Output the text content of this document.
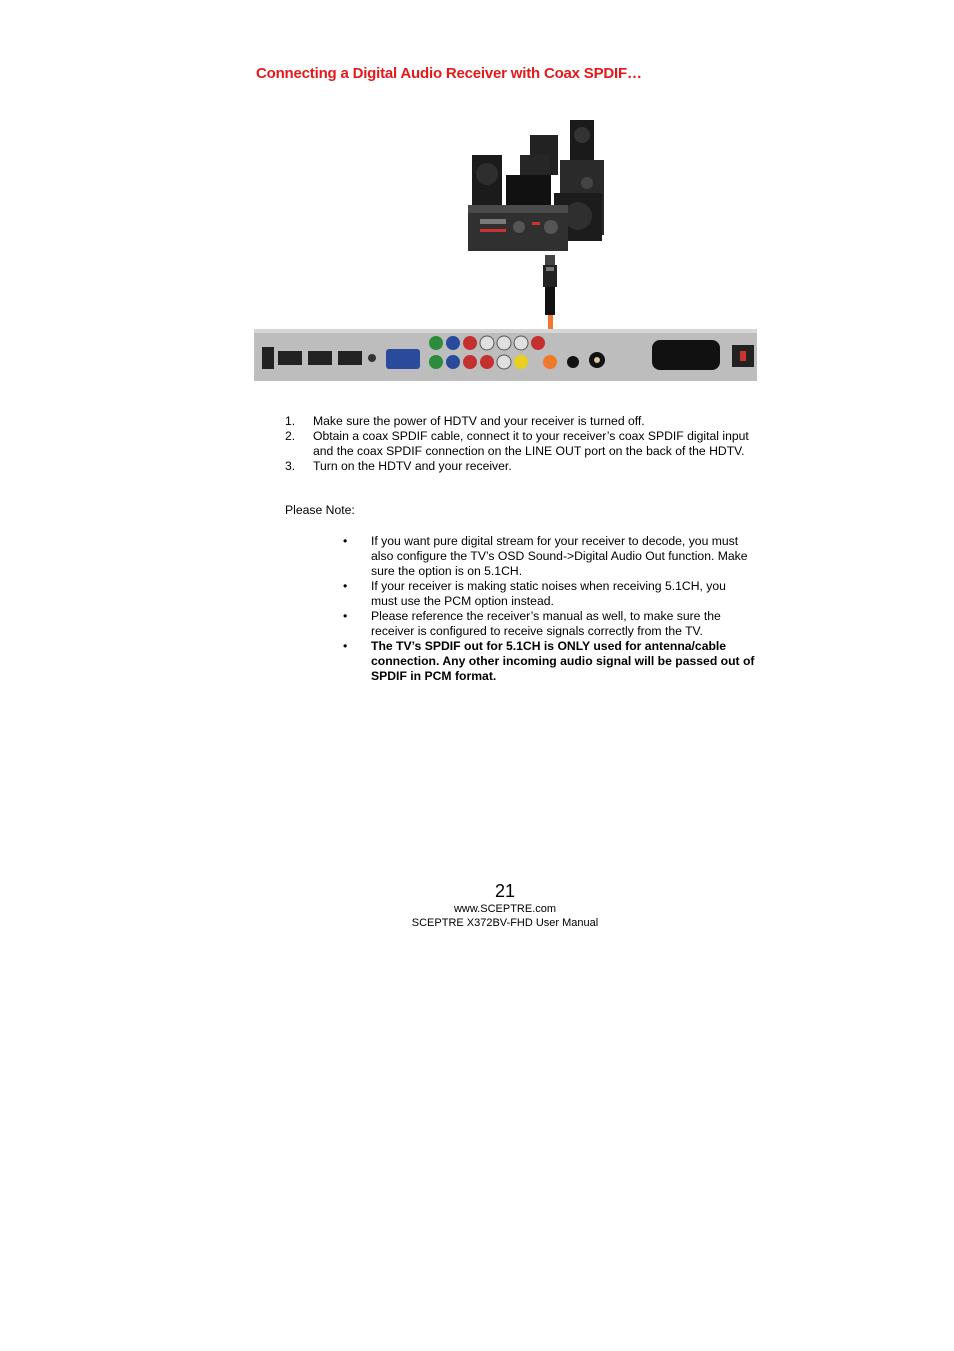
Connecting a Digital Audio Receiver with Coax SPDIF…
1. Make sure the power of HDTV and your receiver is turned off.
2. Obtain a coax SPDIF cable, connect it to your receiver’s coax SPDIF digital input and the coax SPDIF connection on the LINE OUT port on the back of the HDTV.
3. Turn on the HDTV and your receiver.
Please Note:
• If you want pure digital stream for your receiver to decode, you must also configure the TV’s OSD Sound->Digital Audio Out function. Make sure the option is on 5.1CH.
• If your receiver is making static noises when receiving 5.1CH, you must use the PCM option instead.
• Please reference the receiver’s manual as well, to make sure the receiver is configured to receive signals correctly from the TV.
• The TV’s SPDIF out for 5.1CH is ONLY used for antenna/cable connection. Any other incoming audio signal will be passed out of SPDIF in PCM format.
21
www.SCEPTRE.com
SCEPTRE X372BV-FHD User Manual
